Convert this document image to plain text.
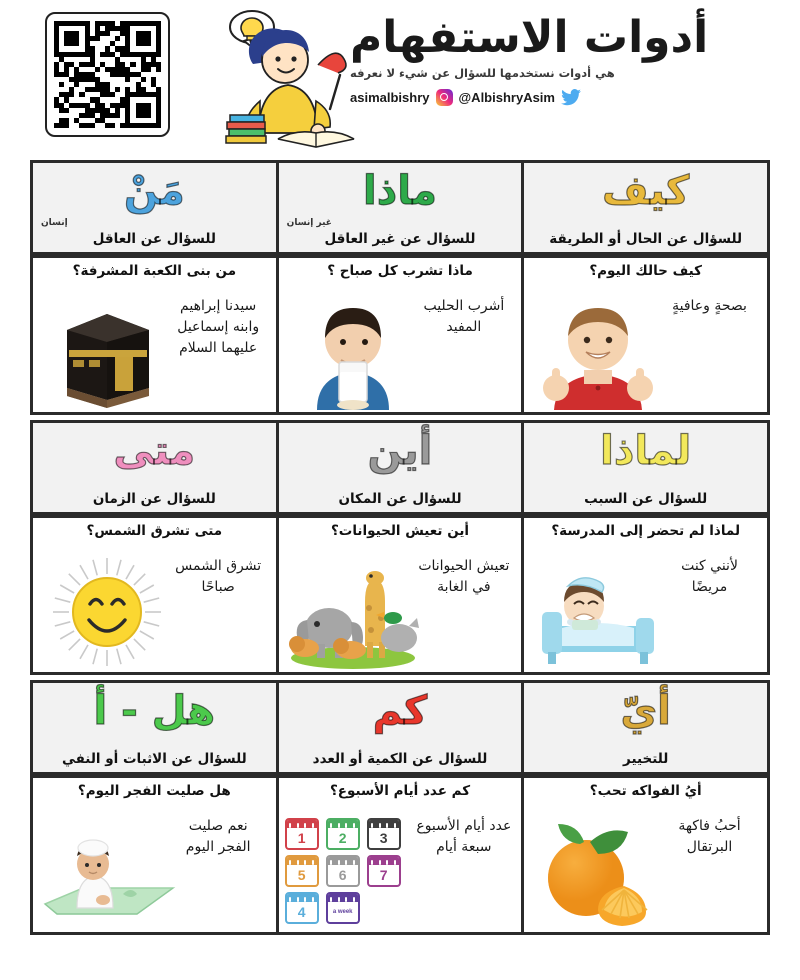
أدوات الاستفهام
هي أدوات نستخدمها للسؤال عن شيء لا نعرفه
@AlbishryAsim
asimalbishry
مَنْ
إنسان
للسؤال عن العاقل
ماذا
غير إنسان
للسؤال عن غير العاقل
كيف
للسؤال عن الحال أو الطريقة
من بنى الكعبة المشرفة؟
سيدنا إبراهيم وابنه إسماعيل عليهما السلام
ماذا تشرب كل صباح ؟
أشرب الحليب المفيد
كيف حالك اليوم؟
بصحةٍ وعافيةٍ
متى
للسؤال عن الزمان
أين
للسؤال عن المكان
لماذا
للسؤال عن السبب
متى تشرق الشمس؟
تشرق الشمس صباحًا
أين تعيش الحيوانات؟
تعيش الحيوانات في الغابة
لماذا لم تحضر إلى المدرسة؟
لأنني كنت مريضًا
هل - أ
للسؤال عن الاثبات أو النفي
كم
للسؤال عن الكمية أو العدد
أيّ
للتخيير
هل صليت الفجر اليوم؟
نعم صليت الفجر اليوم
كم عدد أيام الأسبوع؟
عدد أيام الأسبوع سبعة أيام
1	2	3
5	6	7
4	a week
أيُ الفواكه تحب؟
أحبُ فاكهة البرتقال
